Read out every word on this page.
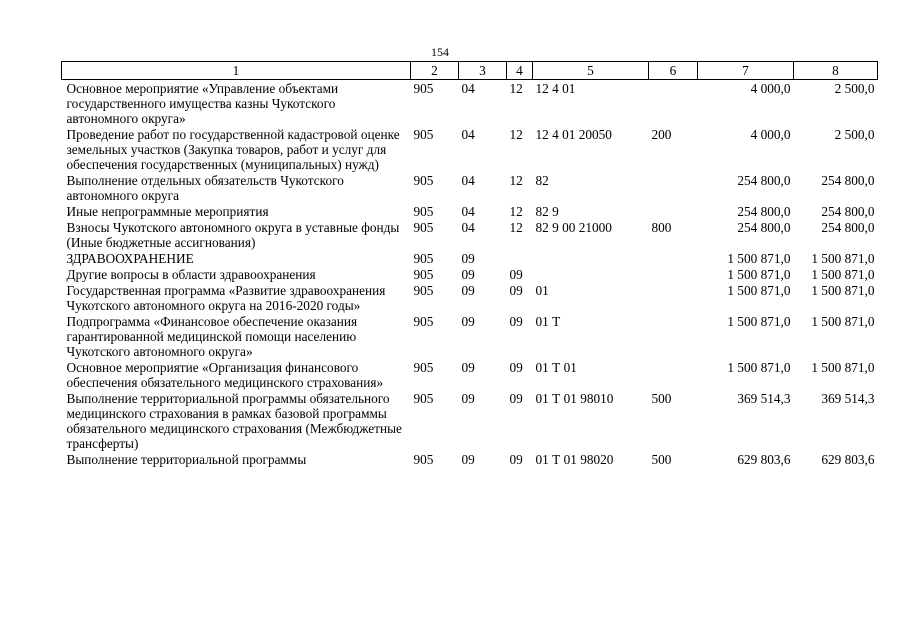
154
1	2	3	4	5	6	7	8
Основное мероприятие «Управление объектами государственного имущества казны Чукотского автономного округа»	905	04	12	12 4 01		4 000,0	2 500,0
Проведение работ по государственной кадастровой оценке земельных участков (Закупка товаров, работ и услуг для обеспечения государственных (муниципальных) нужд)	905	04	12	12 4 01 20050	200	4 000,0	2 500,0
Выполнение отдельных обязательств Чукотского автономного округа	905	04	12	82		254 800,0	254 800,0
Иные непрограммные мероприятия	905	04	12	82 9		254 800,0	254 800,0
Взносы Чукотского автономного округа в уставные фонды (Иные бюджетные ассигнования)	905	04	12	82 9 00 21000	800	254 800,0	254 800,0
ЗДРАВООХРАНЕНИЕ	905	09				1 500 871,0	1 500 871,0
Другие вопросы в области здравоохранения	905	09	09			1 500 871,0	1 500 871,0
Государственная программа «Развитие здравоохранения Чукотского автономного округа на 2016-2020 годы»	905	09	09	01		1 500 871,0	1 500 871,0
Подпрограмма «Финансовое обеспечение оказания гарантированной медицинской помощи населению Чукотского автономного округа»	905	09	09	01 Т		1 500 871,0	1 500 871,0
Основное мероприятие «Организация финансового обеспечения обязательного медицинского страхования»	905	09	09	01 Т 01		1 500 871,0	1 500 871,0
Выполнение территориальной программы обязательного медицинского страхования в рамках базовой программы обязательного медицинского страхования (Межбюджетные трансферты)	905	09	09	01 Т 01 98010	500	369 514,3	369 514,3
Выполнение территориальной программы	905	09	09	01 Т 01 98020	500	629 803,6	629 803,6
